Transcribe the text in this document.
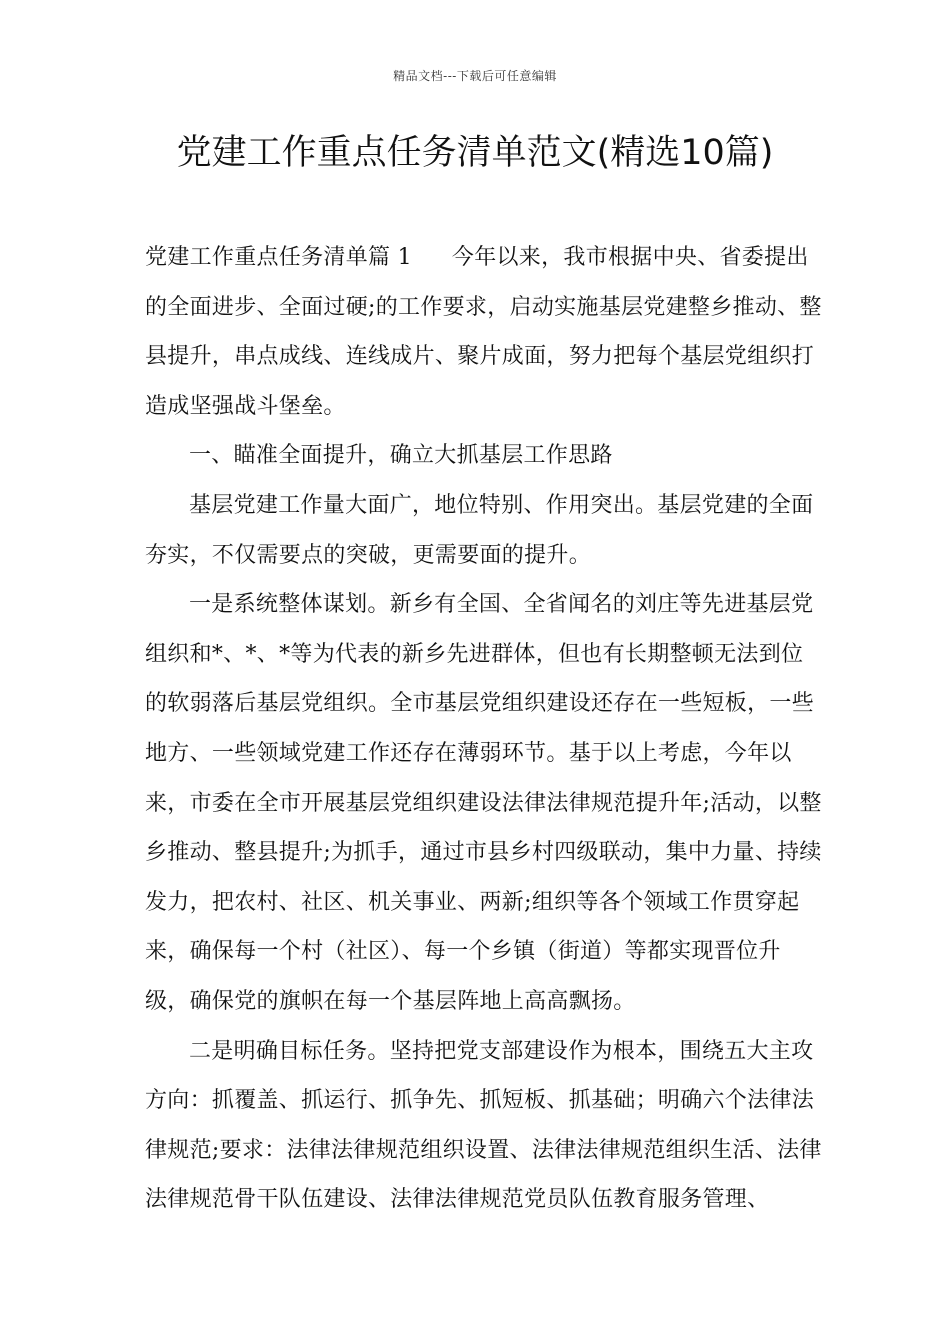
精品文档---下载后可任意编辑
党建工作重点任务清单范文(精选10篇)

党建工作重点任务清单篇 1 今年以来，我市根据中央、省委提出的全面进步、全面过硬;的工作要求，启动实施基层党建整乡推动、整县提升，串点成线、连线成片、聚片成面，努力把每个基层党组织打造成坚强战斗堡垒。

一、瞄准全面提升，确立大抓基层工作思路

基层党建工作量大面广，地位特别、作用突出。基层党建的全面夯实，不仅需要点的突破，更需要面的提升。

一是系统整体谋划。新乡有全国、全省闻名的刘庄等先进基层党组织和*、*、*等为代表的新乡先进群体，但也有长期整顿无法到位的软弱落后基层党组织。全市基层党组织建设还存在一些短板，一些地方、一些领域党建工作还存在薄弱环节。基于以上考虑，今年以来，市委在全市开展基层党组织建设法律法律规范提升年;活动，以整乡推动、整县提升;为抓手，通过市县乡村四级联动，集中力量、持续发力，把农村、社区、机关事业、两新;组织等各个领域工作贯穿起来，确保每一个村（社区）、每一个乡镇（街道）等都实现晋位升级，确保党的旗帜在每一个基层阵地上高高飘扬。

二是明确目标任务。坚持把党支部建设作为根本，围绕五大主攻方向：抓覆盖、抓运行、抓争先、抓短板、抓基础；明确六个法律法律规范;要求：法律法律规范组织设置、法律法律规范组织生活、法律法律规范骨干队伍建设、法律法律规范党员队伍教育服务管理、
